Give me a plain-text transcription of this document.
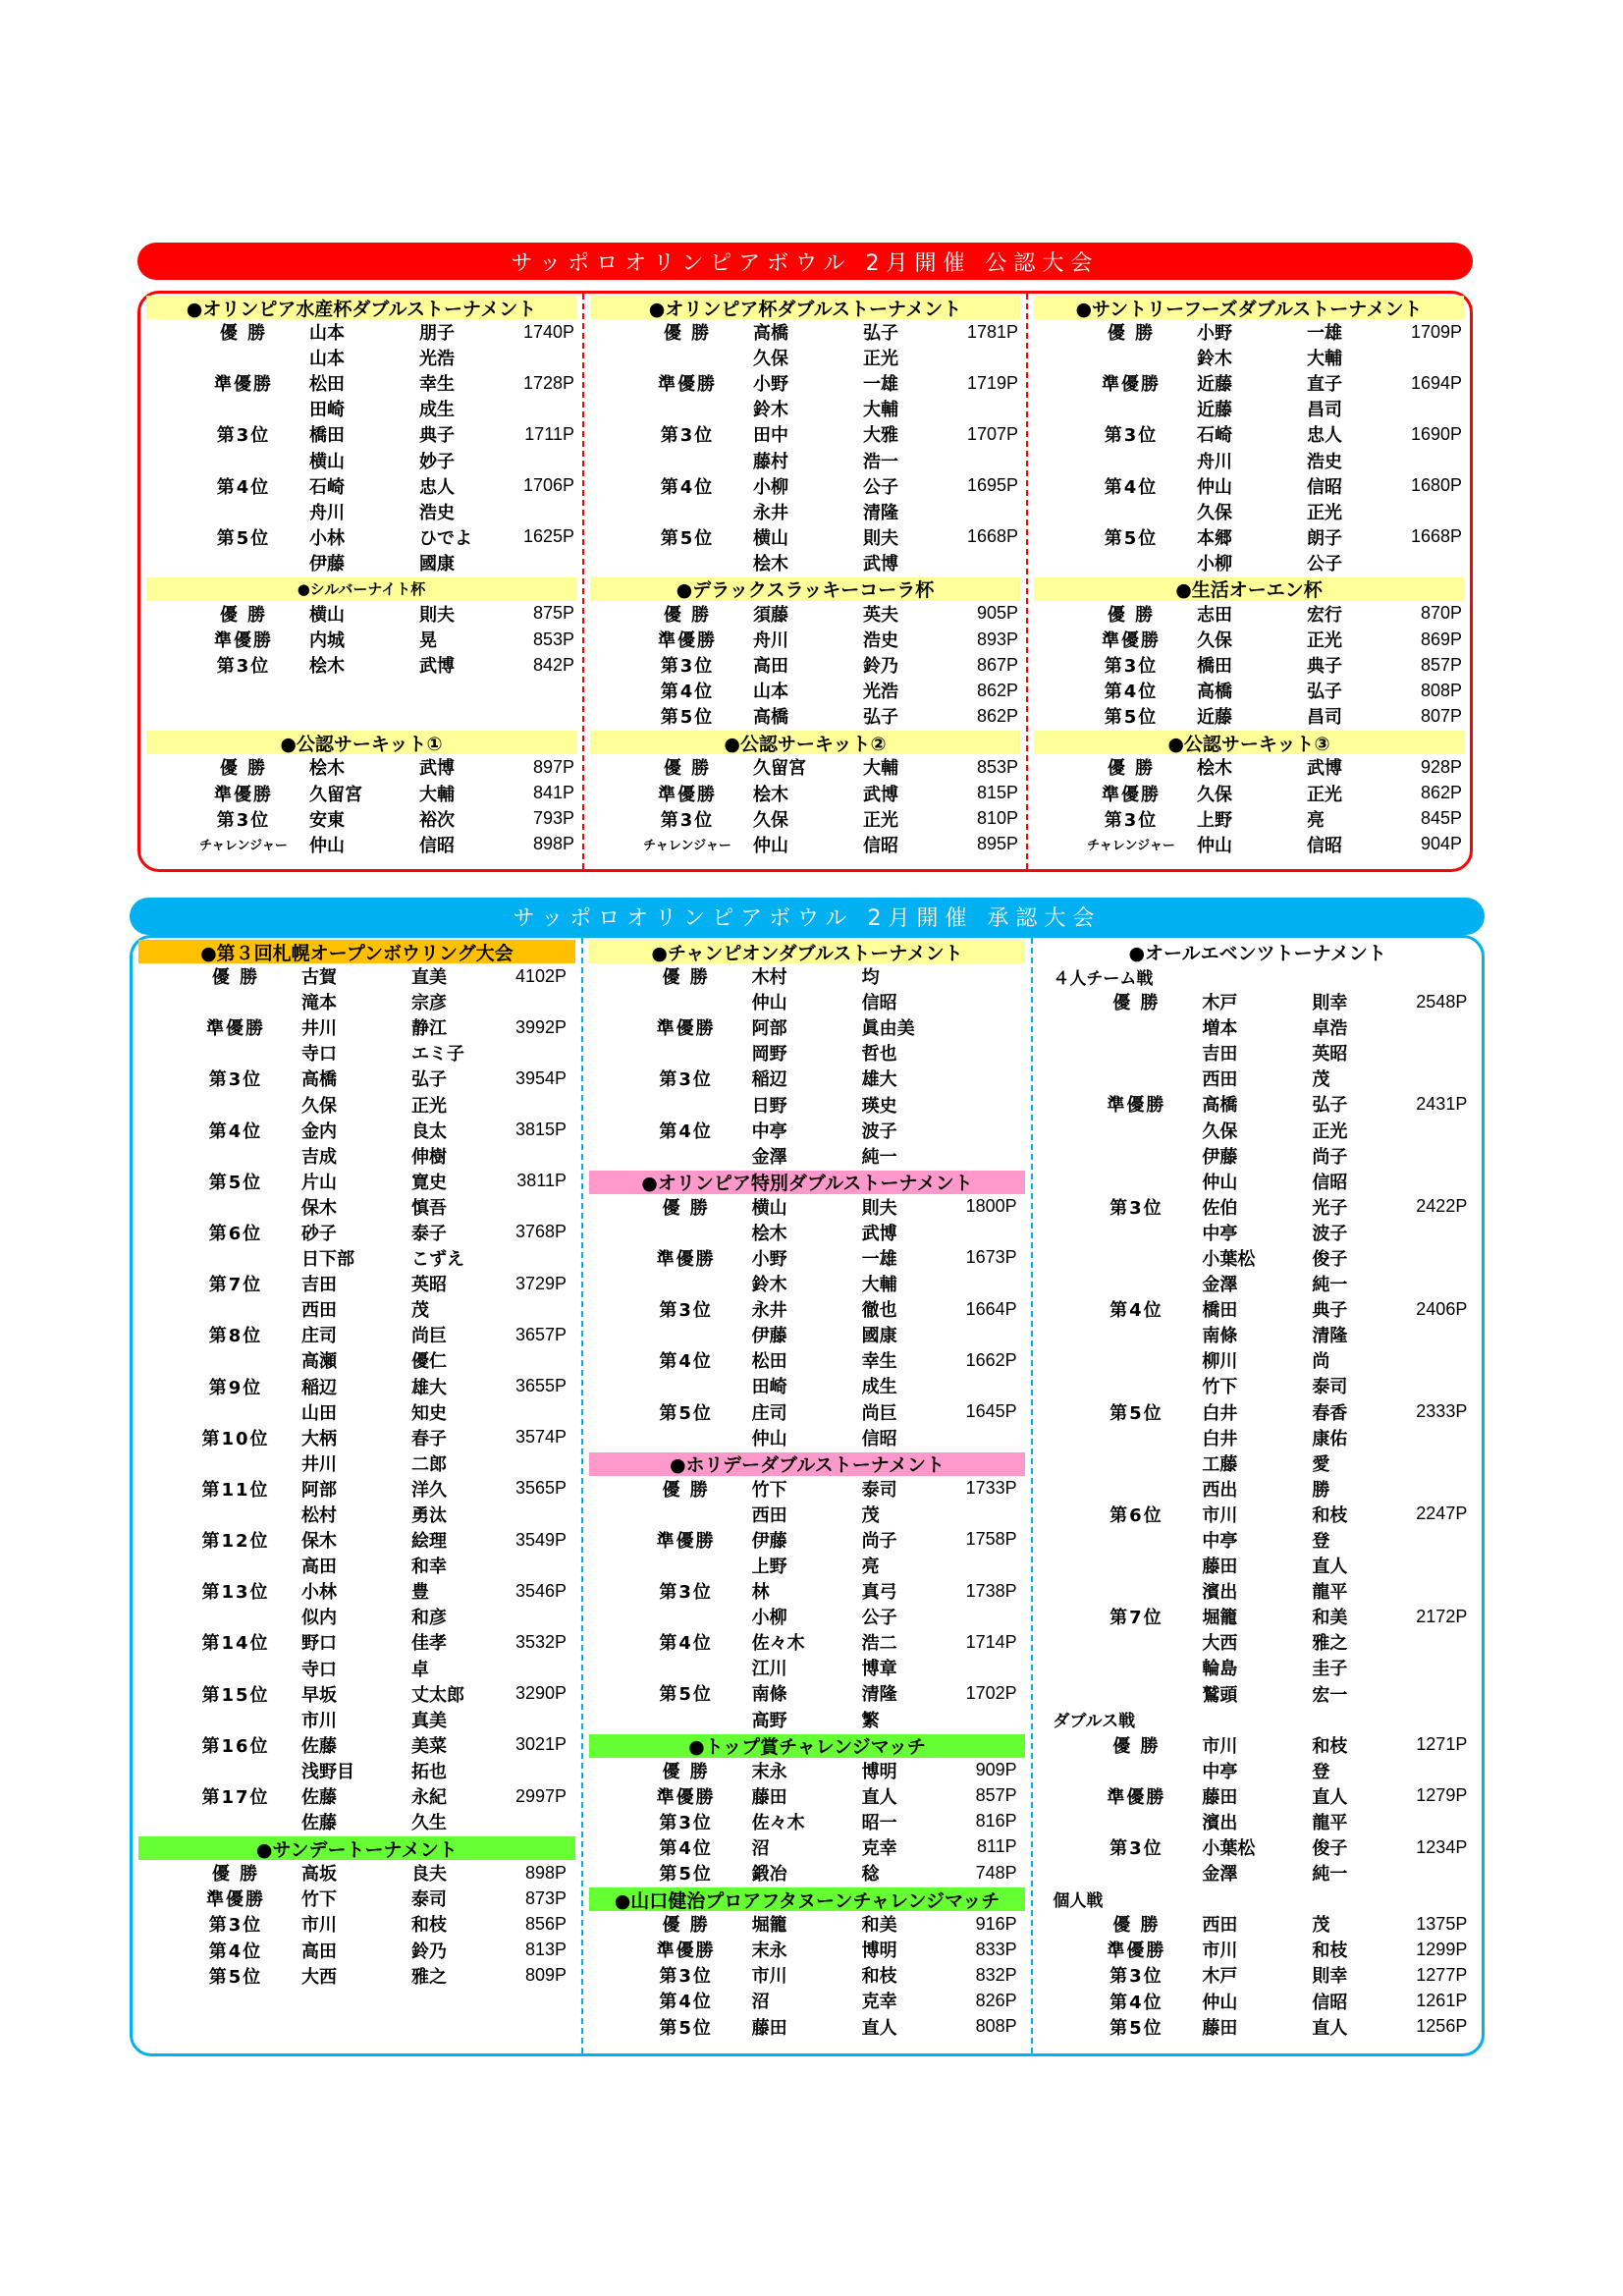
サッポロオリンピアボウル 2月開催 公認大会
●オリンピア水産杯ダブルストーナメント
優 勝	山本	朋子	1740P
山本	光浩
準優勝	松田	幸生	1728P
田崎	成生
第3位	橋田	典子	1711P
横山	妙子
第4位	石崎	忠人	1706P
舟川	浩史
第5位	小林	ひでよ	1625P
伊藤	國康
●シルバーナイト杯
優 勝	横山	則夫	875P
準優勝	内城	晃	853P
第3位	桧木	武博	842P
●公認サーキット①
優 勝	桧木	武博	897P
準優勝	久留宮	大輔	841P
第3位	安東	裕次	793P
チャレンジャー	仲山	信昭	898P
●オリンピア杯ダブルストーナメント
優 勝	高橋	弘子	1781P
久保	正光
準優勝	小野	一雄	1719P
鈴木	大輔
第3位	田中	大雅	1707P
藤村	浩一
第4位	小柳	公子	1695P
永井	清隆
第5位	横山	則夫	1668P
桧木	武博
●デラックスラッキーコーラ杯
優 勝	須藤	英夫	905P
準優勝	舟川	浩史	893P
第3位	高田	鈴乃	867P
第4位	山本	光浩	862P
第5位	高橋	弘子	862P
●公認サーキット②
優 勝	久留宮	大輔	853P
準優勝	桧木	武博	815P
第3位	久保	正光	810P
チャレンジャー	仲山	信昭	895P
●サントリーフーズダブルストーナメント
優 勝	小野	一雄	1709P
鈴木	大輔
準優勝	近藤	直子	1694P
近藤	昌司
第3位	石崎	忠人	1690P
舟川	浩史
第4位	仲山	信昭	1680P
久保	正光
第5位	本郷	朗子	1668P
小柳	公子
●生活オーエン杯
優 勝	志田	宏行	870P
準優勝	久保	正光	869P
第3位	橋田	典子	857P
第4位	高橋	弘子	808P
第5位	近藤	昌司	807P
●公認サーキット③
優 勝	桧木	武博	928P
準優勝	久保	正光	862P
第3位	上野	亮	845P
チャレンジャー	仲山	信昭	904P
サッポロオリンピアボウル 2月開催 承認大会
●第３回札幌オープンボウリング大会
優 勝	古賀	直美	4102P
滝本	宗彦
準優勝	井川	静江	3992P
寺口	エミ子
第3位	高橋	弘子	3954P
久保	正光
第4位	金内	良太	3815P
吉成	伸樹
第5位	片山	寛史	3811P
保木	慎吾
第6位	砂子	泰子	3768P
日下部	こずえ
第7位	吉田	英昭	3729P
西田	茂
第8位	庄司	尚巨	3657P
高瀬	優仁
第9位	稲辺	雄大	3655P
山田	知史
第10位	大柄	春子	3574P
井川	二郎
第11位	阿部	洋久	3565P
松村	勇汰
第12位	保木	絵理	3549P
高田	和幸
第13位	小林	豊	3546P
似内	和彦
第14位	野口	佳孝	3532P
寺口	卓
第15位	早坂	丈太郎	3290P
市川	真美
第16位	佐藤	美菜	3021P
浅野目	拓也
第17位	佐藤	永紀	2997P
佐藤	久生
●サンデートーナメント
優 勝	高坂	良夫	898P
準優勝	竹下	泰司	873P
第3位	市川	和枝	856P
第4位	高田	鈴乃	813P
第5位	大西	雅之	809P
●チャンピオンダブルストーナメント
優 勝	木村	均
仲山	信昭
準優勝	阿部	眞由美
岡野	哲也
第3位	稲辺	雄大
日野	瑛史
第4位	中亭	波子
金澤	純一
●オリンピア特別ダブルストーナメント
優 勝	横山	則夫	1800P
桧木	武博
準優勝	小野	一雄	1673P
鈴木	大輔
第3位	永井	徹也	1664P
伊藤	國康
第4位	松田	幸生	1662P
田崎	成生
第5位	庄司	尚巨	1645P
仲山	信昭
●ホリデーダブルストーナメント
優 勝	竹下	泰司	1733P
西田	茂
準優勝	伊藤	尚子	1758P
上野	亮
第3位	林	真弓	1738P
小柳	公子
第4位	佐々木	浩二	1714P
江川	博章
第5位	南條	清隆	1702P
高野	繁
●トップ賞チャレンジマッチ
優 勝	末永	博明	909P
準優勝	藤田	直人	857P
第3位	佐々木	昭一	816P
第4位	沼	克幸	811P
第5位	鍛冶	稔	748P
●山口健治プロアフタヌーンチャレンジマッチ
優 勝	堀籠	和美	916P
準優勝	末永	博明	833P
第3位	市川	和枝	832P
第4位	沼	克幸	826P
第5位	藤田	直人	808P
●オールエベンツトーナメント
４人チーム戦
優 勝	木戸	則幸	2548P
増本	卓浩
吉田	英昭
西田	茂
準優勝	高橋	弘子	2431P
久保	正光
伊藤	尚子
仲山	信昭
第3位	佐伯	光子	2422P
中亭	波子
小葉松	俊子
金澤	純一
第4位	橋田	典子	2406P
南條	清隆
柳川	尚
竹下	泰司
第5位	白井	春香	2333P
白井	康佑
工藤	愛
西出	勝
第6位	市川	和枝	2247P
中亭	登
藤田	直人
濱出	龍平
第7位	堀籠	和美	2172P
大西	雅之
輪島	圭子
鷲頭	宏一
ダブルス戦
優 勝	市川	和枝	1271P
中亭	登
準優勝	藤田	直人	1279P
濱出	龍平
第3位	小葉松	俊子	1234P
金澤	純一
個人戦
優 勝	西田	茂	1375P
準優勝	市川	和枝	1299P
第3位	木戸	則幸	1277P
第4位	仲山	信昭	1261P
第5位	藤田	直人	1256P
